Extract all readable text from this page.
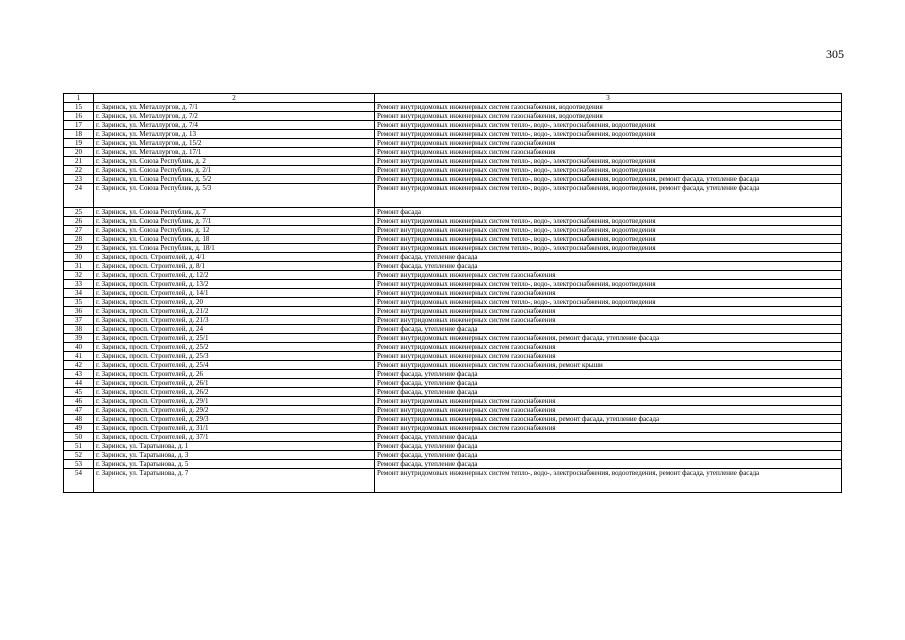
305
1	2	3
15	г. Заринск, ул. Металлургов, д. 7/1	Ремонт внутридомовых инженерных систем газоснабжения, водоотведения
16	г. Заринск, ул. Металлургов, д. 7/2	Ремонт внутридомовых инженерных систем газоснабжения, водоотведения
17	г. Заринск, ул. Металлургов, д. 7/4	Ремонт внутридомовых инженерных систем тепло-, водо-, электроснабжения, водоотведения
18	г. Заринск, ул. Металлургов, д. 13	Ремонт внутридомовых инженерных систем тепло-, водо-, электроснабжения, водоотведения
19	г. Заринск, ул. Металлургов, д. 15/2	Ремонт внутридомовых инженерных систем газоснабжения
20	г. Заринск, ул. Металлургов, д. 17/1	Ремонт внутридомовых инженерных систем газоснабжения
21	г. Заринск, ул. Союза Республик, д. 2	Ремонт внутридомовых инженерных систем тепло-, водо-, электроснабжения, водоотведения
22	г. Заринск, ул. Союза Республик, д. 2/1	Ремонт внутридомовых инженерных систем тепло-, водо-, электроснабжения, водоотведения
23	г. Заринск, ул. Союза Республик, д. 5/2	Ремонт внутридомовых инженерных систем тепло-, водо-, электроснабжения, водоотведения, ремонт фасада, утепление фасада
24	г. Заринск, ул. Союза Республик, д. 5/3	Ремонт внутридомовых инженерных систем тепло-, водо-, электроснабжения, водоотведения, ремонт фасада, утепление фасада
25	г. Заринск, ул. Союза Республик, д. 7	Ремонт фасада
26	г. Заринск, ул. Союза Республик, д. 7/1	Ремонт внутридомовых инженерных систем тепло-, водо-, электроснабжения, водоотведения
27	г. Заринск, ул. Союза Республик, д. 12	Ремонт внутридомовых инженерных систем тепло-, водо-, электроснабжения, водоотведения
28	г. Заринск, ул. Союза Республик, д. 18	Ремонт внутридомовых инженерных систем тепло-, водо-, электроснабжения, водоотведения
29	г. Заринск, ул. Союза Республик, д. 18/1	Ремонт внутридомовых инженерных систем тепло-, водо-, электроснабжения, водоотведения
30	г. Заринск, просп. Строителей, д. 4/1	Ремонт фасада, утепление фасада
31	г. Заринск, просп. Строителей, д. 8/1	Ремонт фасада, утепление фасада
32	г. Заринск, просп. Строителей, д. 12/2	Ремонт внутридомовых инженерных систем газоснабжения
33	г. Заринск, просп. Строителей, д. 13/2	Ремонт внутридомовых инженерных систем тепло-, водо-, электроснабжения, водоотведения
34	г. Заринск, просп. Строителей, д. 14/1	Ремонт внутридомовых инженерных систем газоснабжения
35	г. Заринск, просп. Строителей, д. 20	Ремонт внутридомовых инженерных систем тепло-, водо-, электроснабжения, водоотведения
36	г. Заринск, просп. Строителей, д. 21/2	Ремонт внутридомовых инженерных систем газоснабжения
37	г. Заринск, просп. Строителей, д. 21/3	Ремонт внутридомовых инженерных систем газоснабжения
38	г. Заринск, просп. Строителей, д. 24	Ремонт фасада, утепление фасада
39	г. Заринск, просп. Строителей, д. 25/1	Ремонт внутридомовых инженерных систем газоснабжения, ремонт фасада, утепление фасада
40	г. Заринск, просп. Строителей, д. 25/2	Ремонт внутридомовых инженерных систем газоснабжения
41	г. Заринск, просп. Строителей, д. 25/3	Ремонт внутридомовых инженерных систем газоснабжения
42	г. Заринск, просп. Строителей, д. 25/4	Ремонт внутридомовых инженерных систем газоснабжения, ремонт крыши
43	г. Заринск, просп. Строителей, д. 26	Ремонт фасада, утепление фасада
44	г. Заринск, просп. Строителей, д. 26/1	Ремонт фасада, утепление фасада
45	г. Заринск, просп. Строителей, д. 26/2	Ремонт фасада, утепление фасада
46	г. Заринск, просп. Строителей, д. 29/1	Ремонт внутридомовых инженерных систем газоснабжения
47	г. Заринск, просп. Строителей, д. 29/2	Ремонт внутридомовых инженерных систем газоснабжения
48	г. Заринск, просп. Строителей, д. 29/3	Ремонт внутридомовых инженерных систем газоснабжения, ремонт фасада, утепление фасада
49	г. Заринск, просп. Строителей, д. 31/1	Ремонт внутридомовых инженерных систем газоснабжения
50	г. Заринск, просп. Строителей, д. 37/1	Ремонт фасада, утепление фасада
51	г. Заринск, ул. Таратынова, д. 1	Ремонт фасада, утепление фасада
52	г. Заринск, ул. Таратынова, д. 3	Ремонт фасада, утепление фасада
53	г. Заринск, ул. Таратынова, д. 5	Ремонт фасада, утепление фасада
54	г. Заринск, ул. Таратынова, д. 7	Ремонт внутридомовых инженерных систем тепло-, водо-, электроснабжения, водоотведения, ремонт фасада, утепление фасада
